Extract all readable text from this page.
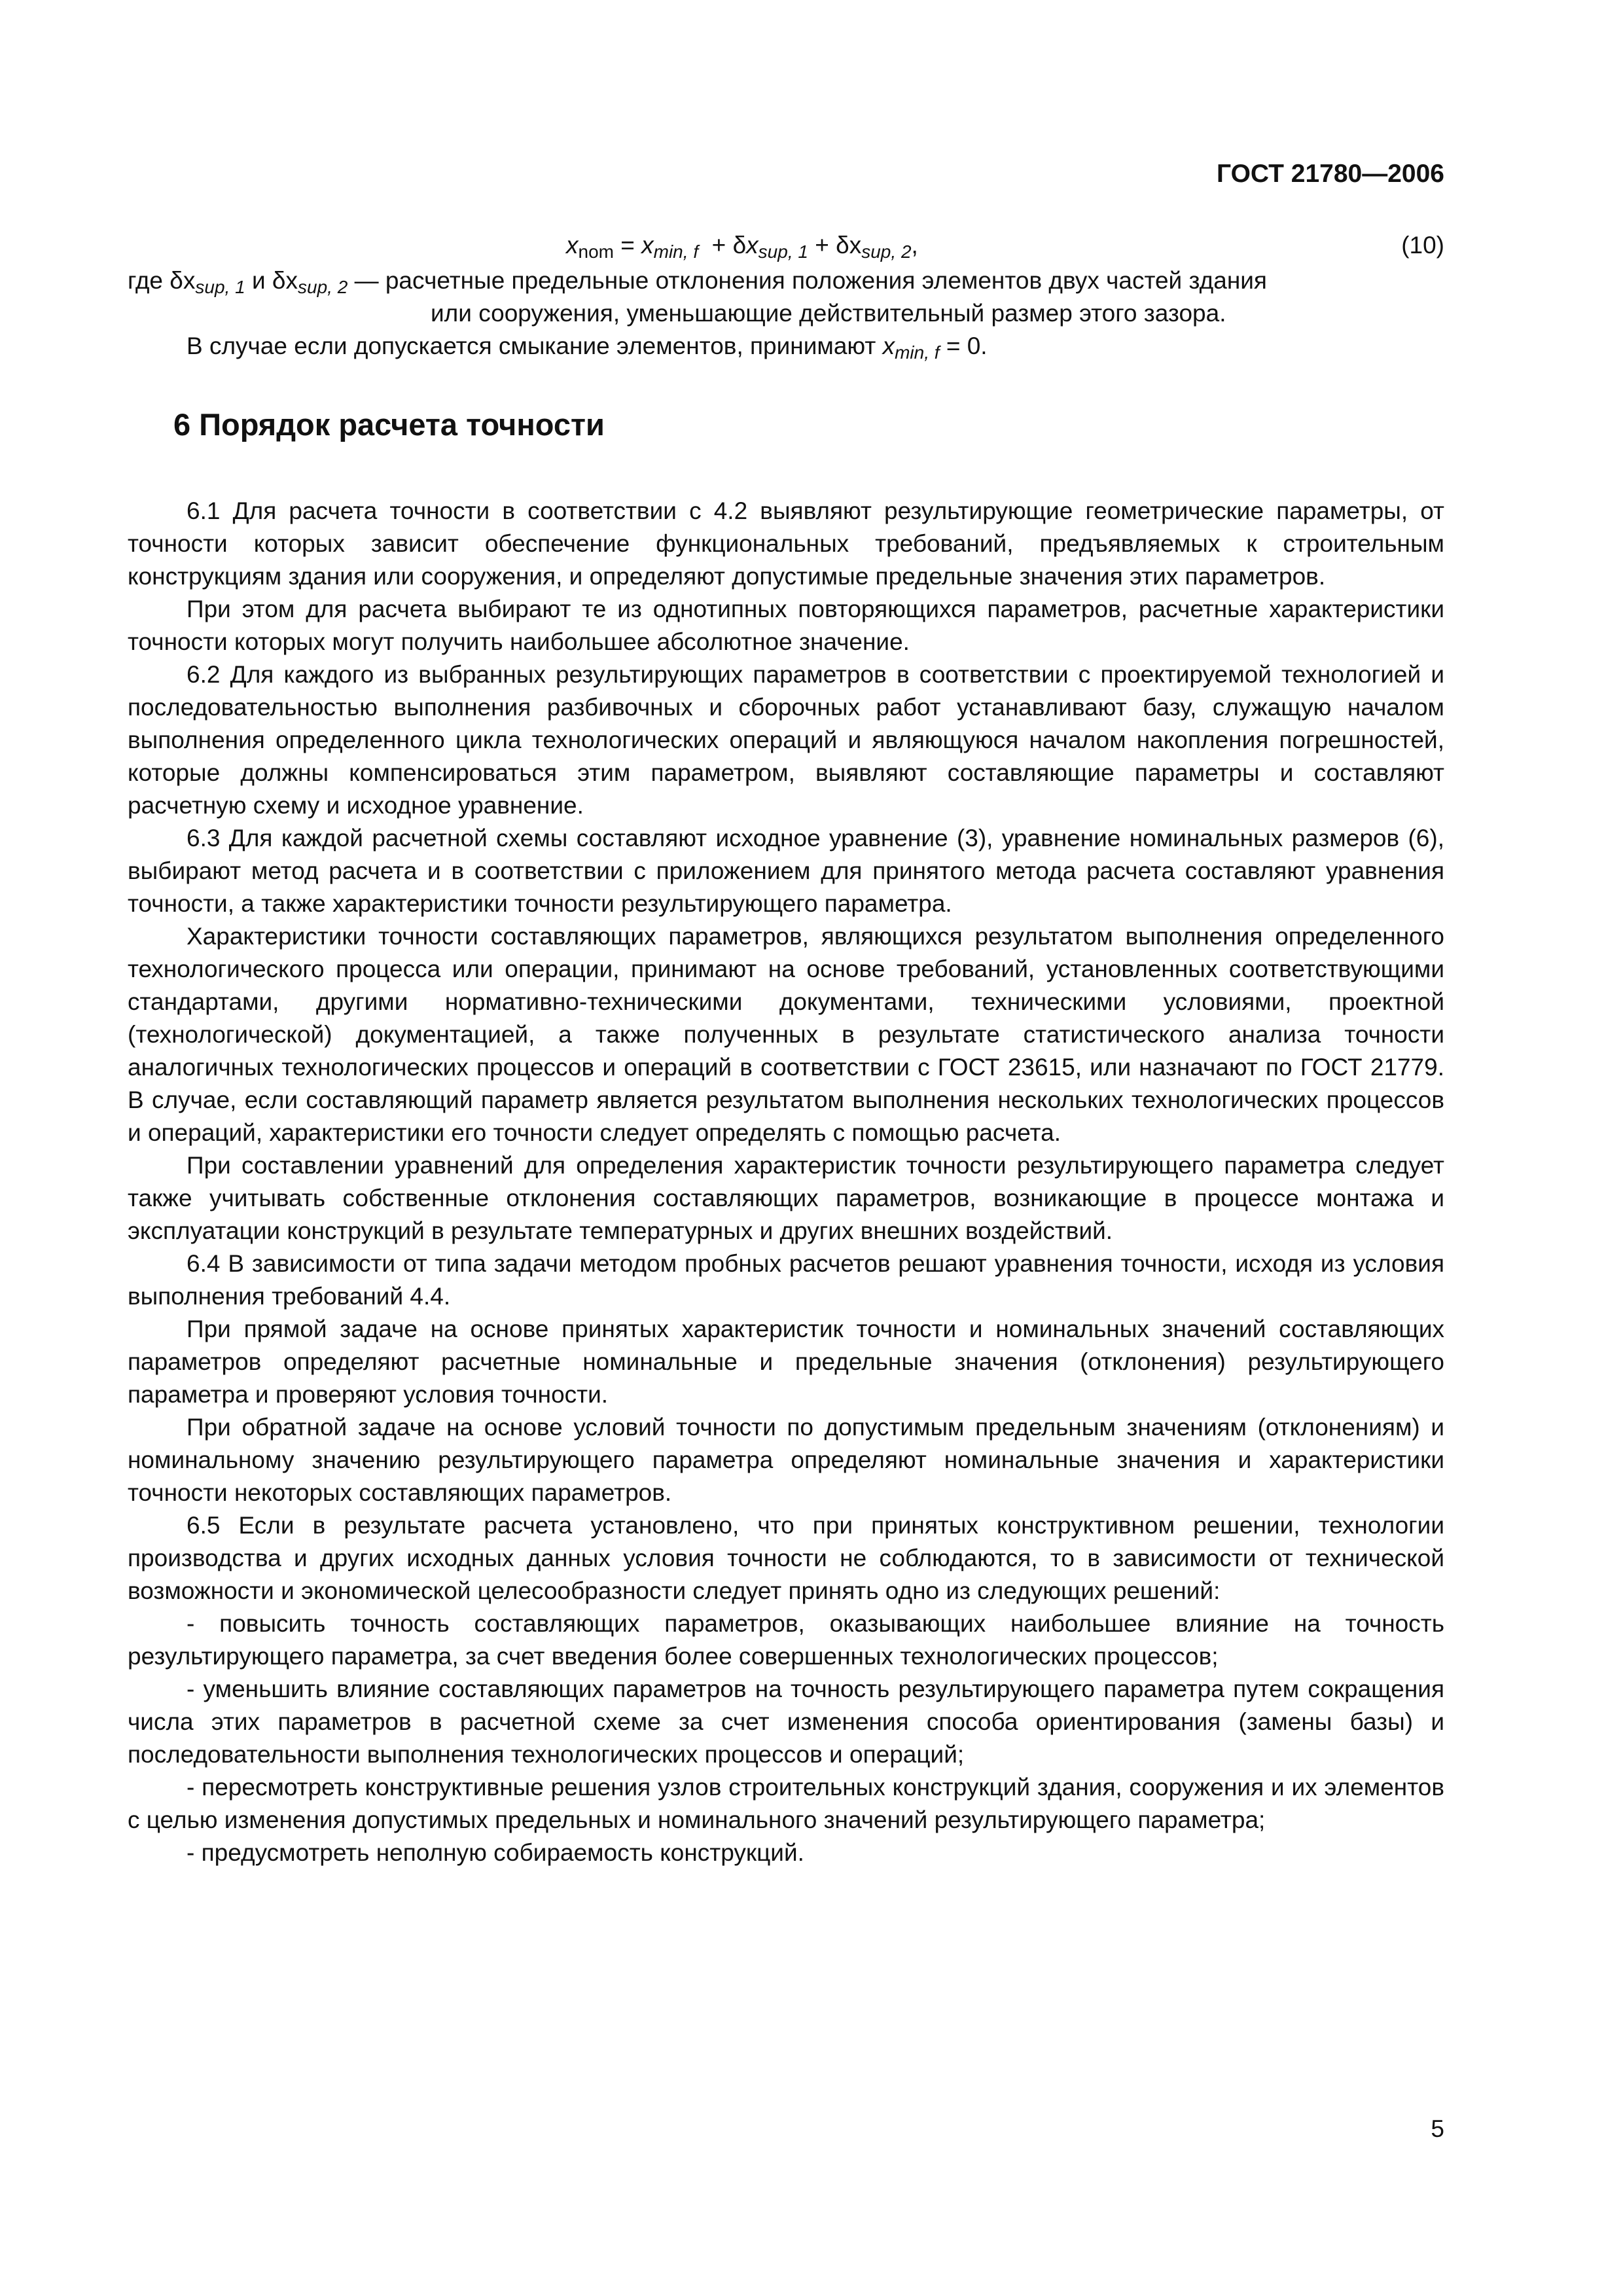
ГОСТ 21780—2006
$x_{nom} = x_{min, f} + \delta x_{sup, 1} + \delta x_{sup, 2}$,	(10)
где $\delta x_{sup, 1}$ и $\delta x_{sup, 2}$ — расчетные предельные отклонения положения элементов двух частей здания
или сооружения, уменьшающие действительный размер этого зазора.

В случае если допускается смыкание элементов, принимают $x_{min, f} = 0$.

6 Порядок расчета точности

6.1 Для расчета точности в соответствии с 4.2 выявляют результирующие геометрические параметры, от точности которых зависит обеспечение функциональных требований, предъявляемых к строительным конструкциям здания или сооружения, и определяют допустимые предельные значения этих параметров.

При этом для расчета выбирают те из однотипных повторяющихся параметров, расчетные характеристики точности которых могут получить наибольшее абсолютное значение.

6.2 Для каждого из выбранных результирующих параметров в соответствии с проектируемой технологией и последовательностью выполнения разбивочных и сборочных работ устанавливают базу, служащую началом выполнения определенного цикла технологических операций и являющуюся началом накопления погрешностей, которые должны компенсироваться этим параметром, выявляют составляющие параметры и составляют расчетную схему и исходное уравнение.

6.3 Для каждой расчетной схемы составляют исходное уравнение (3), уравнение номинальных размеров (6), выбирают метод расчета и в соответствии с приложением для принятого метода расчета составляют уравнения точности, а также характеристики точности результирующего параметра.

Характеристики точности составляющих параметров, являющихся результатом выполнения определенного технологического процесса или операции, принимают на основе требований, установленных соответствующими стандартами, другими нормативно-техническими документами, техническими условиями, проектной (технологической) документацией, а также полученных в результате статистического анализа точности аналогичных технологических процессов и операций в соответствии с ГОСТ 23615, или назначают по ГОСТ 21779. В случае, если составляющий параметр является результатом выполнения нескольких технологических процессов и операций, характеристики его точности следует определять с помощью расчета.

При составлении уравнений для определения характеристик точности результирующего параметра следует также учитывать собственные отклонения составляющих параметров, возникающие в процессе монтажа и эксплуатации конструкций в результате температурных и других внешних воздействий.

6.4 В зависимости от типа задачи методом пробных расчетов решают уравнения точности, исходя из условия выполнения требований 4.4.

При прямой задаче на основе принятых характеристик точности и номинальных значений составляющих параметров определяют расчетные номинальные и предельные значения (отклонения) результирующего параметра и проверяют условия точности.

При обратной задаче на основе условий точности по допустимым предельным значениям (отклонениям) и номинальному значению результирующего параметра определяют номинальные значения и характеристики точности некоторых составляющих параметров.

6.5 Если в результате расчета установлено, что при принятых конструктивном решении, технологии производства и других исходных данных условия точности не соблюдаются, то в зависимости от технической возможности и экономической целесообразности следует принять одно из следующих решений:

- повысить точность составляющих параметров, оказывающих наибольшее влияние на точность результирующего параметра, за счет введения более совершенных технологических процессов;

- уменьшить влияние составляющих параметров на точность результирующего параметра путем сокращения числа этих параметров в расчетной схеме за счет изменения способа ориентирования (замены базы) и последовательности выполнения технологических процессов и операций;

- пересмотреть конструктивные решения узлов строительных конструкций здания, сооружения и их элементов с целью изменения допустимых предельных и номинального значений результирующего параметра;

- предусмотреть неполную собираемость конструкций.

5
